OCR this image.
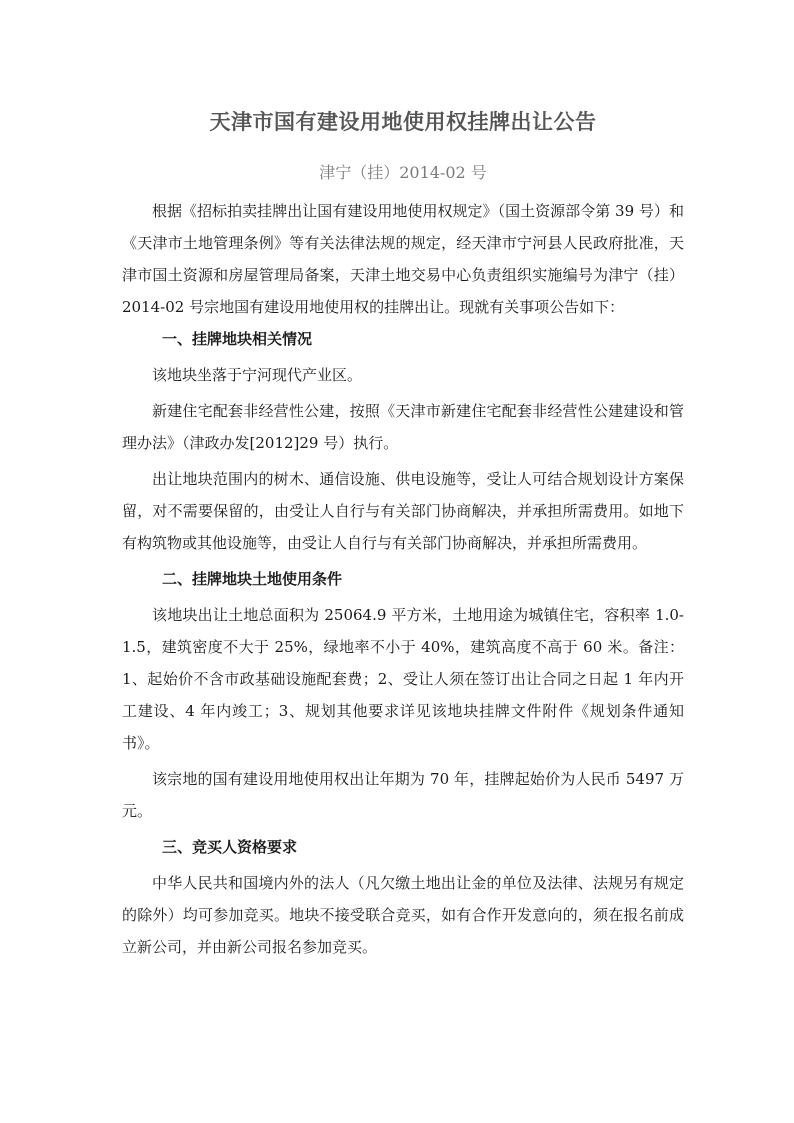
天津市国有建设用地使用权挂牌出让公告

津宁（挂）2014-02 号

根据《招标拍卖挂牌出让国有建设用地使用权规定》（国土资源部令第 39 号）和《天津市土地管理条例》等有关法律法规的规定，经天津市宁河县人民政府批准，天津市国土资源和房屋管理局备案，天津土地交易中心负责组织实施编号为津宁（挂）2014-02 号宗地国有建设用地使用权的挂牌出让。现就有关事项公告如下：

一、挂牌地块相关情况

该地块坐落于宁河现代产业区。

新建住宅配套非经营性公建，按照《天津市新建住宅配套非经营性公建建设和管理办法》（津政办发[2012]29 号）执行。

出让地块范围内的树木、通信设施、供电设施等，受让人可结合规划设计方案保留，对不需要保留的，由受让人自行与有关部门协商解决，并承担所需费用。如地下有构筑物或其他设施等，由受让人自行与有关部门协商解决，并承担所需费用。

二、挂牌地块土地使用条件

该地块出让土地总面积为 25064.9 平方米，土地用途为城镇住宅，容积率 1.0-1.5，建筑密度不大于 25%，绿地率不小于 40%，建筑高度不高于 60 米。备注：1、起始价不含市政基础设施配套费；2、受让人须在签订出让合同之日起 1 年内开工建设、4 年内竣工；3、规划其他要求详见该地块挂牌文件附件《规划条件通知书》。

该宗地的国有建设用地使用权出让年期为 70 年，挂牌起始价为人民币 5497 万元。

三、竞买人资格要求

中华人民共和国境内外的法人（凡欠缴土地出让金的单位及法律、法规另有规定的除外）均可参加竞买。地块不接受联合竞买，如有合作开发意向的，须在报名前成立新公司，并由新公司报名参加竞买。
